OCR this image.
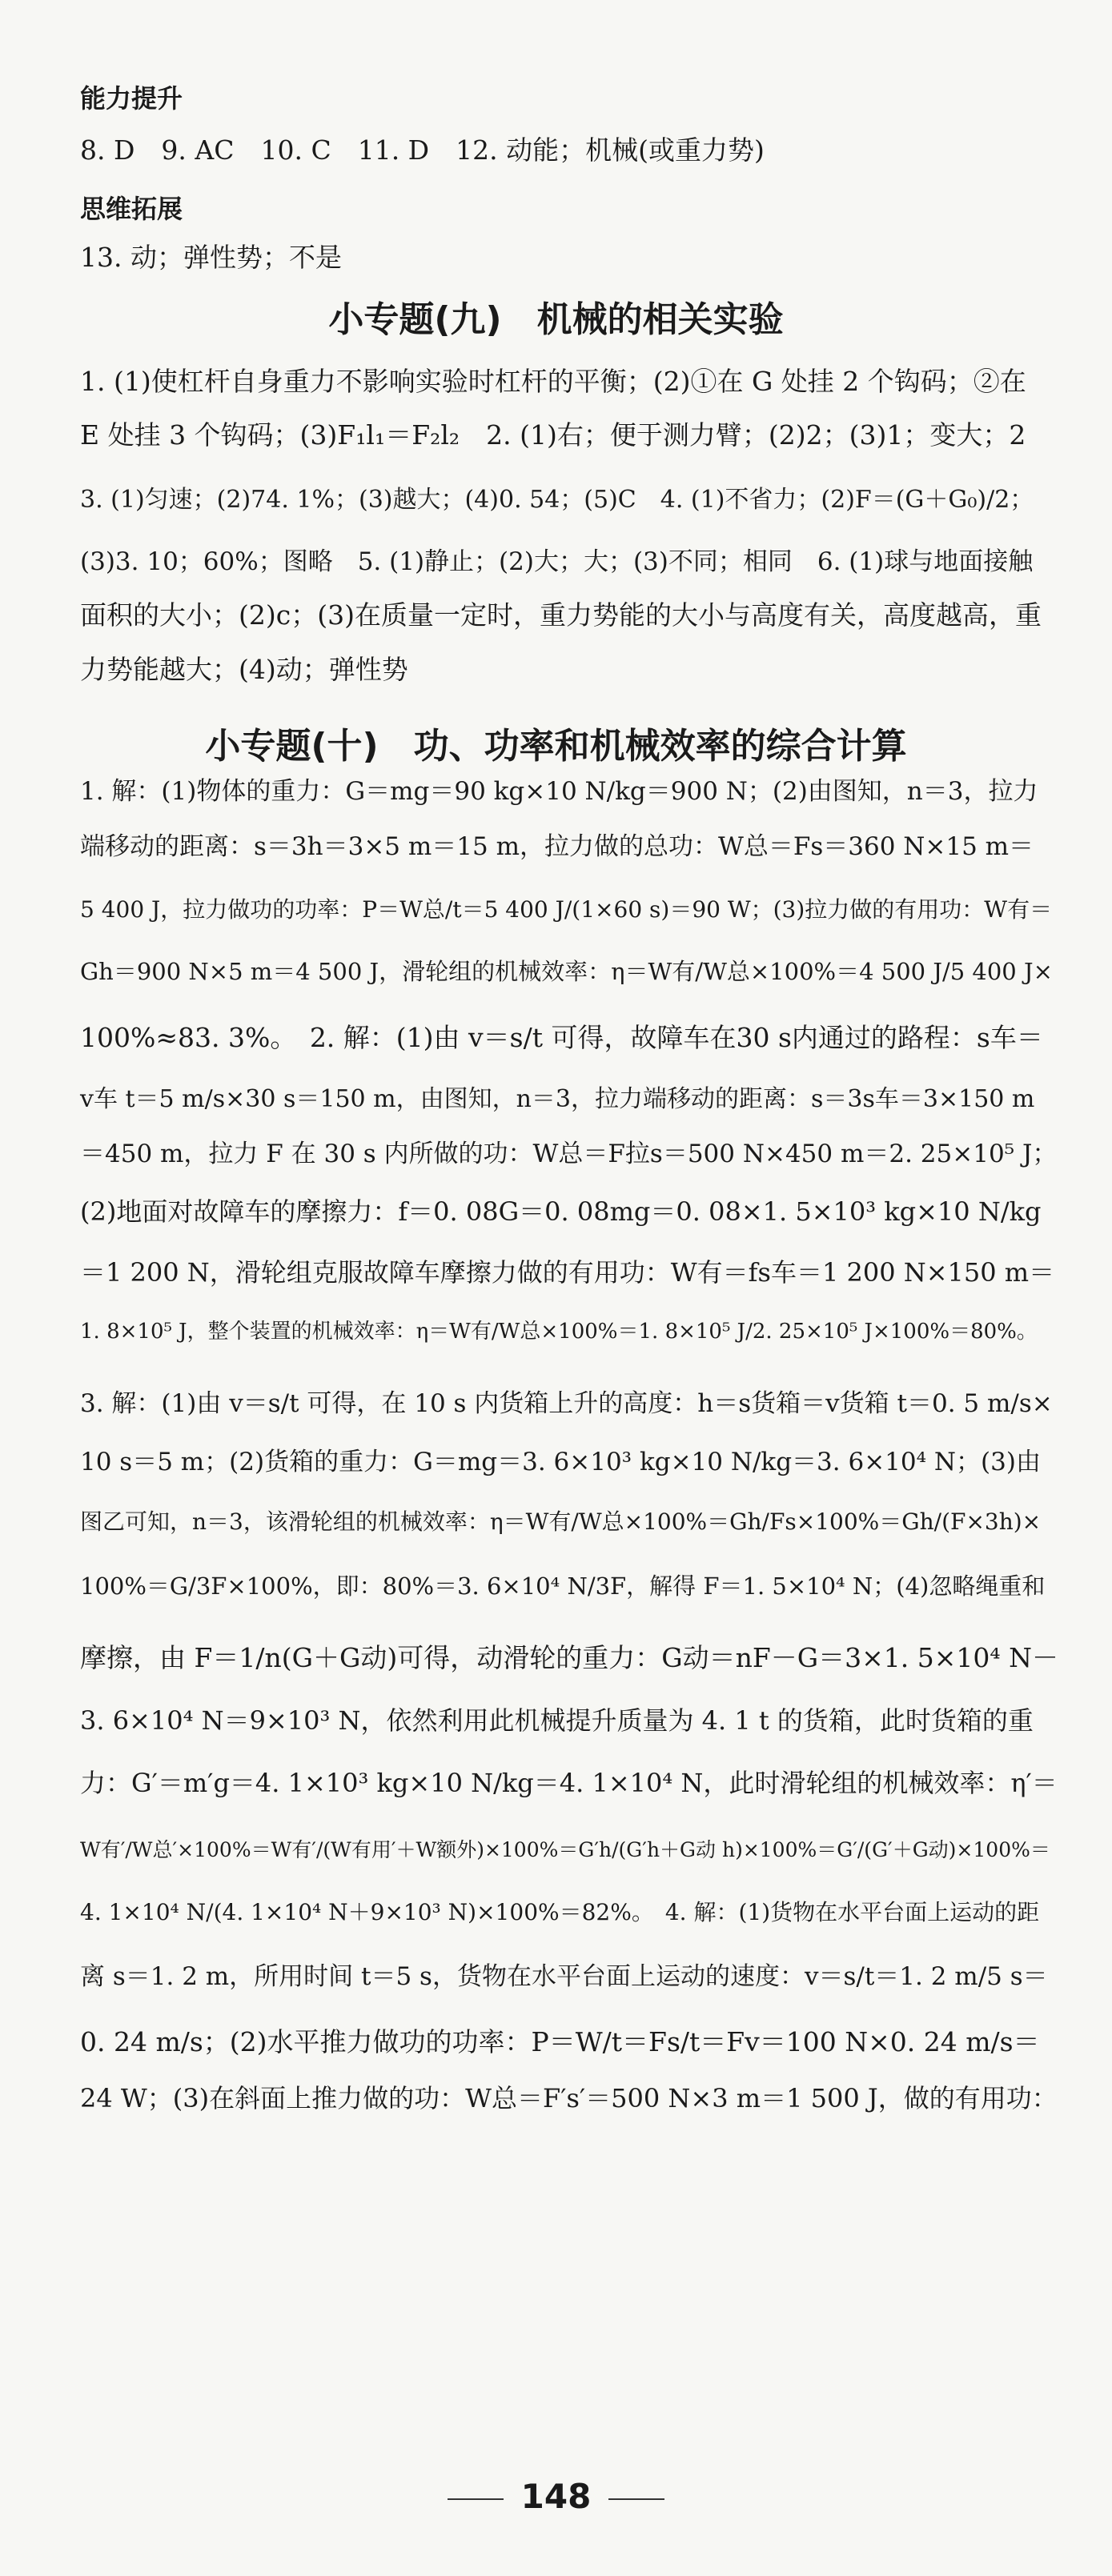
能力提升
8. D　9. AC　10. C　11. D　12. 动能；机械(或重力势)
思维拓展
13. 动；弹性势；不是
小专题(九)　机械的相关实验
1. (1)使杠杆自身重力不影响实验时杠杆的平衡；(2)①在 G 处挂 2 个钩码；②在
E 处挂 3 个钩码；(3)F₁l₁＝F₂l₂　2. (1)右；便于测力臂；(2)2；(3)1；变大；2
3. (1)匀速；(2)74. 1%；(3)越大；(4)0. 54；(5)C　4. (1)不省力；(2)F＝(G＋G₀)/2；
(3)3. 10；60%；图略　5. (1)静止；(2)大；大；(3)不同；相同　6. (1)球与地面接触
面积的大小；(2)c；(3)在质量一定时，重力势能的大小与高度有关，高度越高，重
力势能越大；(4)动；弹性势
小专题(十)　功、功率和机械效率的综合计算
1. 解：(1)物体的重力：G＝mg＝90 kg×10 N/kg＝900 N；(2)由图知，n＝3，拉力
端移动的距离：s＝3h＝3×5 m＝15 m，拉力做的总功：W总＝Fs＝360 N×15 m＝
5 400 J，拉力做功的功率：P＝W总/t＝5 400 J/(1×60 s)＝90 W；(3)拉力做的有用功：W有＝
Gh＝900 N×5 m＝4 500 J，滑轮组的机械效率：η＝W有/W总×100%＝4 500 J/5 400 J×
100%≈83. 3%。　2. 解：(1)由 v＝s/t 可得，故障车在30 s内通过的路程：s车＝
v车 t＝5 m/s×30 s＝150 m，由图知，n＝3，拉力端移动的距离：s＝3s车＝3×150 m
＝450 m，拉力 F 在 30 s 内所做的功：W总＝F拉s＝500 N×450 m＝2. 25×10⁵ J；
(2)地面对故障车的摩擦力：f＝0. 08G＝0. 08mg＝0. 08×1. 5×10³ kg×10 N/kg
＝1 200 N，滑轮组克服故障车摩擦力做的有用功：W有＝fs车＝1 200 N×150 m＝
1. 8×10⁵ J，整个装置的机械效率：η＝W有/W总×100%＝1. 8×10⁵ J/2. 25×10⁵ J×100%＝80%。
3. 解：(1)由 v＝s/t 可得，在 10 s 内货箱上升的高度：h＝s货箱＝v货箱 t＝0. 5 m/s×
10 s＝5 m；(2)货箱的重力：G＝mg＝3. 6×10³ kg×10 N/kg＝3. 6×10⁴ N；(3)由
图乙可知，n＝3，该滑轮组的机械效率：η＝W有/W总×100%＝Gh/Fs×100%＝Gh/(F×3h)×
100%＝G/3F×100%，即：80%＝3. 6×10⁴ N/3F，解得 F＝1. 5×10⁴ N；(4)忽略绳重和
摩擦，由 F＝1/n(G＋G动)可得，动滑轮的重力：G动＝nF－G＝3×1. 5×10⁴ N－
3. 6×10⁴ N＝9×10³ N，依然利用此机械提升质量为 4. 1 t 的货箱，此时货箱的重
力：G′＝m′g＝4. 1×10³ kg×10 N/kg＝4. 1×10⁴ N，此时滑轮组的机械效率：η′＝
W有′/W总′×100%＝W有′/(W有用′＋W额外)×100%＝G′h/(G′h＋G动 h)×100%＝G′/(G′＋G动)×100%＝
4. 1×10⁴ N/(4. 1×10⁴ N＋9×10³ N)×100%＝82%。　4. 解：(1)货物在水平台面上运动的距
离 s＝1. 2 m，所用时间 t＝5 s，货物在水平台面上运动的速度：v＝s/t＝1. 2 m/5 s＝
0. 24 m/s；(2)水平推力做功的功率：P＝W/t＝Fs/t＝Fv＝100 N×0. 24 m/s＝
24 W；(3)在斜面上推力做的功：W总＝F′s′＝500 N×3 m＝1 500 J，做的有用功：
148
